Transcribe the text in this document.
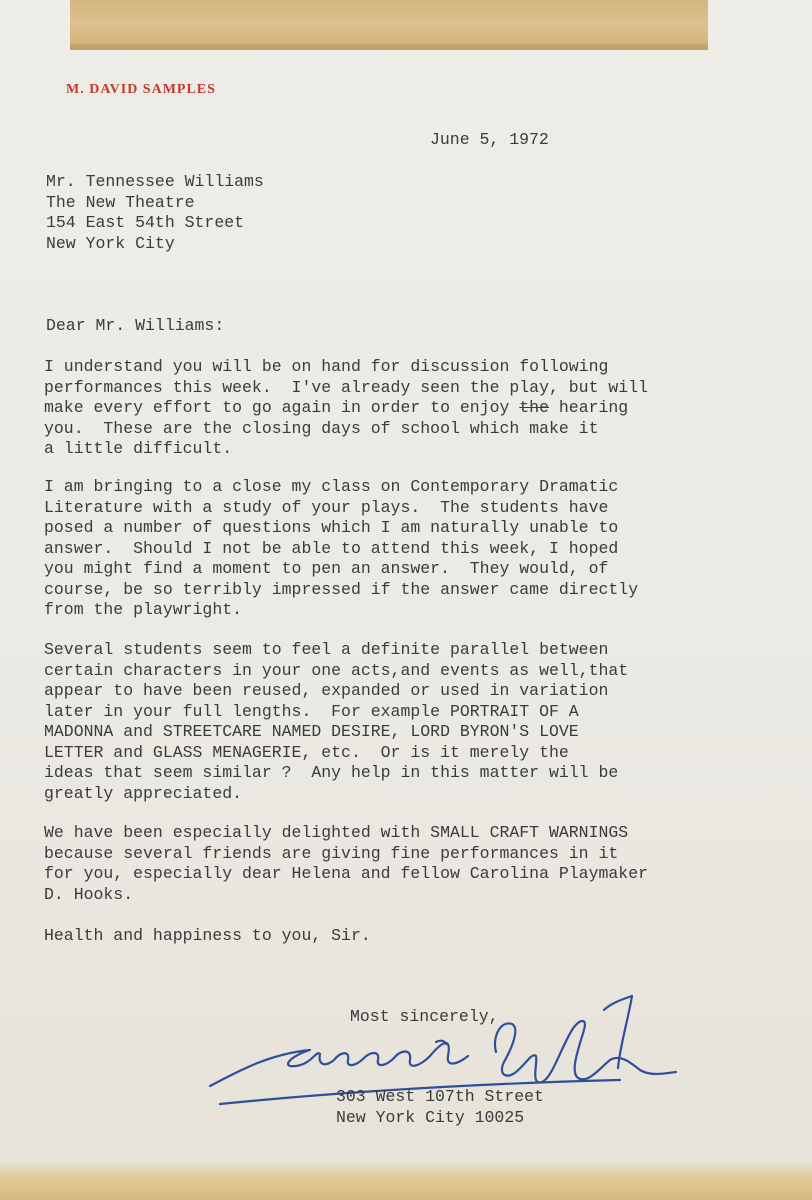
M. DAVID SAMPLES
June 5, 1972
Mr. Tennessee Williams
The New Theatre
154 East 54th Street
New York City
Dear Mr. Williams:
I understand you will be on hand for discussion following
performances this week.  I've already seen the play, but will
make every effort to go again in order to enjoy the hearing
you.  These are the closing days of school which make it
a little difficult.
I am bringing to a close my class on Contemporary Dramatic
Literature with a study of your plays.  The students have
posed a number of questions which I am naturally unable to
answer.  Should I not be able to attend this week, I hoped
you might find a moment to pen an answer.  They would, of
course, be so terribly impressed if the answer came directly
from the playwright.
Several students seem to feel a definite parallel between
certain characters in your one acts,and events as well,that
appear to have been reused, expanded or used in variation
later in your full lengths.  For example PORTRAIT OF A
MADONNA and STREETCARE NAMED DESIRE, LORD BYRON'S LOVE
LETTER and GLASS MENAGERIE, etc.  Or is it merely the
ideas that seem similar ?  Any help in this matter will be
greatly appreciated.
We have been especially delighted with SMALL CRAFT WARNINGS
because several friends are giving fine performances in it
for you, especially dear Helena and fellow Carolina Playmaker
D. Hooks.
Health and happiness to you, Sir.
Most sincerely,
303 West 107th Street
New York City 10025
